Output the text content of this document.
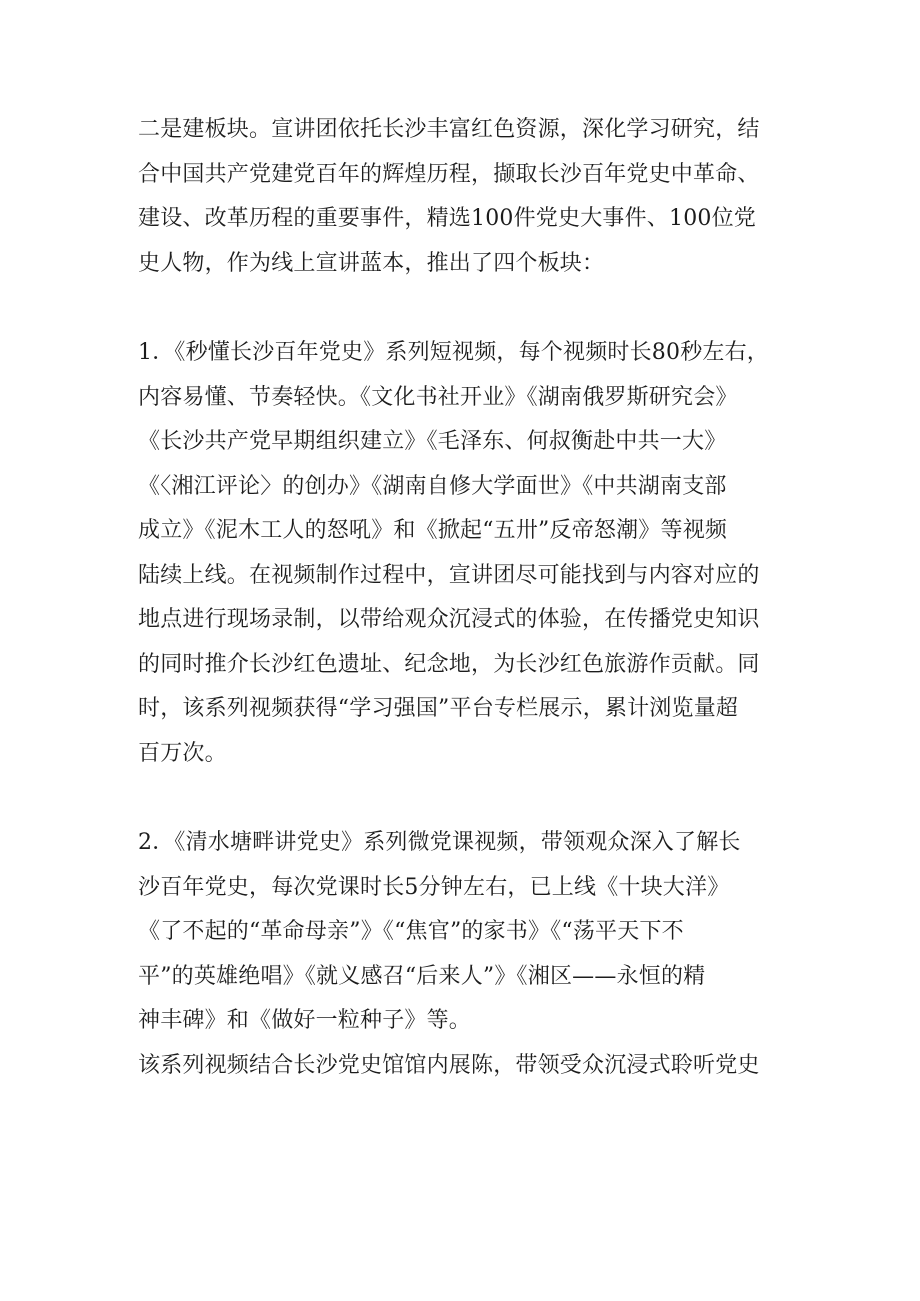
二是建板块。宣讲团依托长沙丰富红色资源，深化学习研究，结
合中国共产党建党百年的辉煌历程，撷取长沙百年党史中革命、
建设、改革历程的重要事件，精选100件党史大事件、100位党
史人物，作为线上宣讲蓝本，推出了四个板块：
1．《秒懂长沙百年党史》系列短视频，每个视频时长80秒左右，
内容易懂、节奏轻快。《文化书社开业》《湖南俄罗斯研究会》
《长沙共产党早期组织建立》《毛泽东、何叔衡赴中共一大》
《〈湘江评论〉的创办》《湖南自修大学面世》《中共湖南支部
成立》《泥木工人的怒吼》和《掀起“五卅”反帝怒潮》等视频
陆续上线。在视频制作过程中，宣讲团尽可能找到与内容对应的
地点进行现场录制，以带给观众沉浸式的体验，在传播党史知识
的同时推介长沙红色遗址、纪念地，为长沙红色旅游作贡献。同
时，该系列视频获得“学习强国”平台专栏展示，累计浏览量超
百万次。
2．《清水塘畔讲党史》系列微党课视频，带领观众深入了解长
沙百年党史，每次党课时长5分钟左右，已上线《十块大洋》
《了不起的“革命母亲”》《“焦官”的家书》《“荡平天下不
平”的英雄绝唱》《就义感召“后来人”》《湘区——永恒的精
神丰碑》和《做好一粒种子》等。
该系列视频结合长沙党史馆馆内展陈，带领受众沉浸式聆听党史
